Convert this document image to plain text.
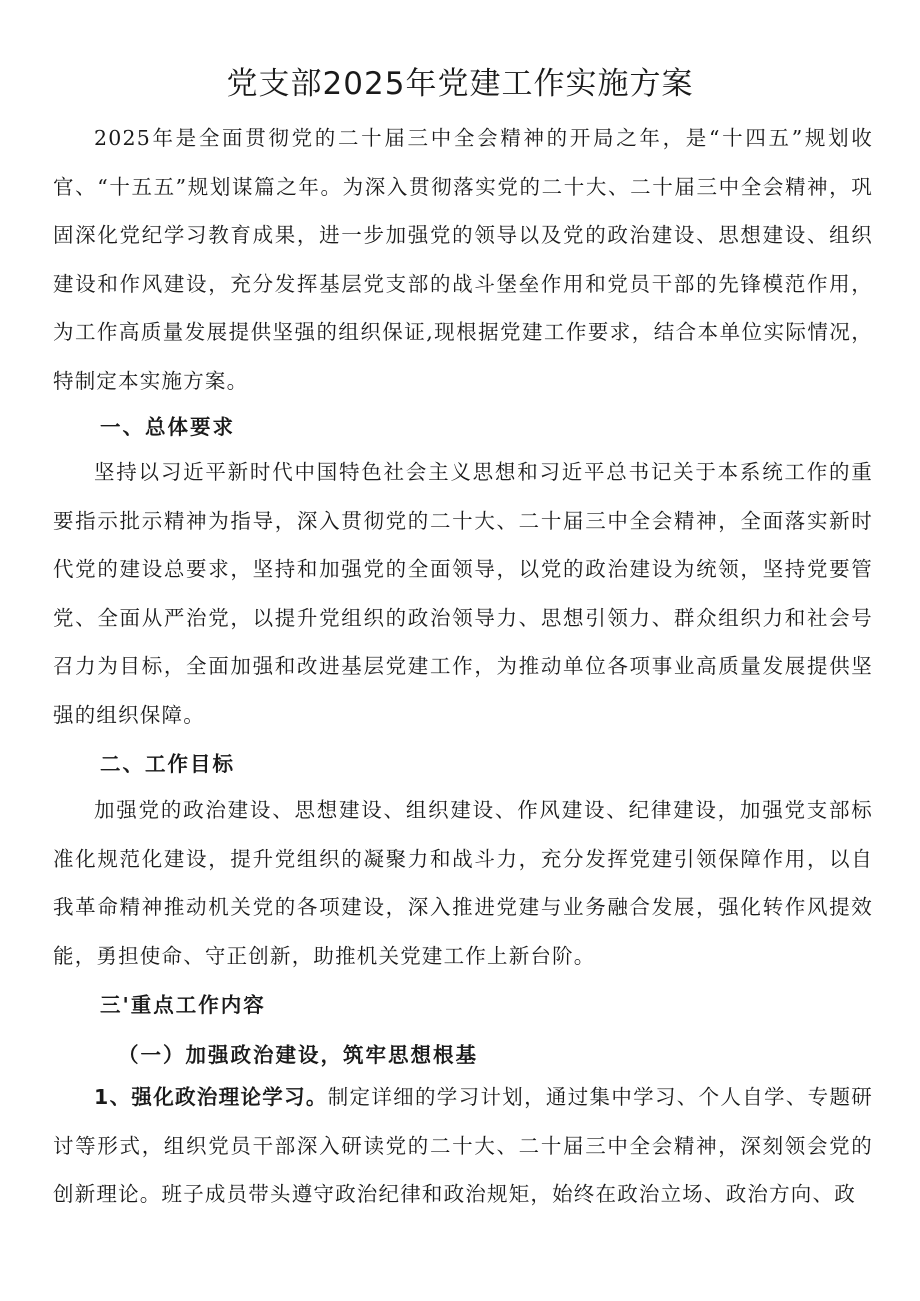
党支部2025年党建工作实施方案
2025年是全面贯彻党的二十届三中全会精神的开局之年，是“十四五”规划收官、“十五五”规划谋篇之年。为深入贯彻落实党的二十大、二十届三中全会精神，巩固深化党纪学习教育成果，进一步加强党的领导以及党的政治建设、思想建设、组织建设和作风建设，充分发挥基层党支部的战斗堡垒作用和党员干部的先锋模范作用，为工作高质量发展提供坚强的组织保证,现根据党建工作要求，结合本单位实际情况，特制定本实施方案。
一、总体要求
坚持以习近平新时代中国特色社会主义思想和习近平总书记关于本系统工作的重要指示批示精神为指导，深入贯彻党的二十大、二十届三中全会精神，全面落实新时代党的建设总要求，坚持和加强党的全面领导，以党的政治建设为统领，坚持党要管党、全面从严治党，以提升党组织的政治领导力、思想引领力、群众组织力和社会号召力为目标，全面加强和改进基层党建工作，为推动单位各项事业高质量发展提供坚强的组织保障。
二、工作目标
加强党的政治建设、思想建设、组织建设、作风建设、纪律建设，加强党支部标准化规范化建设，提升党组织的凝聚力和战斗力，充分发挥党建引领保障作用，以自我革命精神推动机关党的各项建设，深入推进党建与业务融合发展，强化转作风提效能，勇担使命、守正创新，助推机关党建工作上新台阶。
三'重点工作内容
（一）加强政治建设，筑牢思想根基
1、强化政治理论学习。制定详细的学习计划，通过集中学习、个人自学、专题研讨等形式，组织党员干部深入研读党的二十大、二十届三中全会精神，深刻领会党的创新理论。班子成员带头遵守政治纪律和政治规矩，始终在政治立场、政治方向、政
